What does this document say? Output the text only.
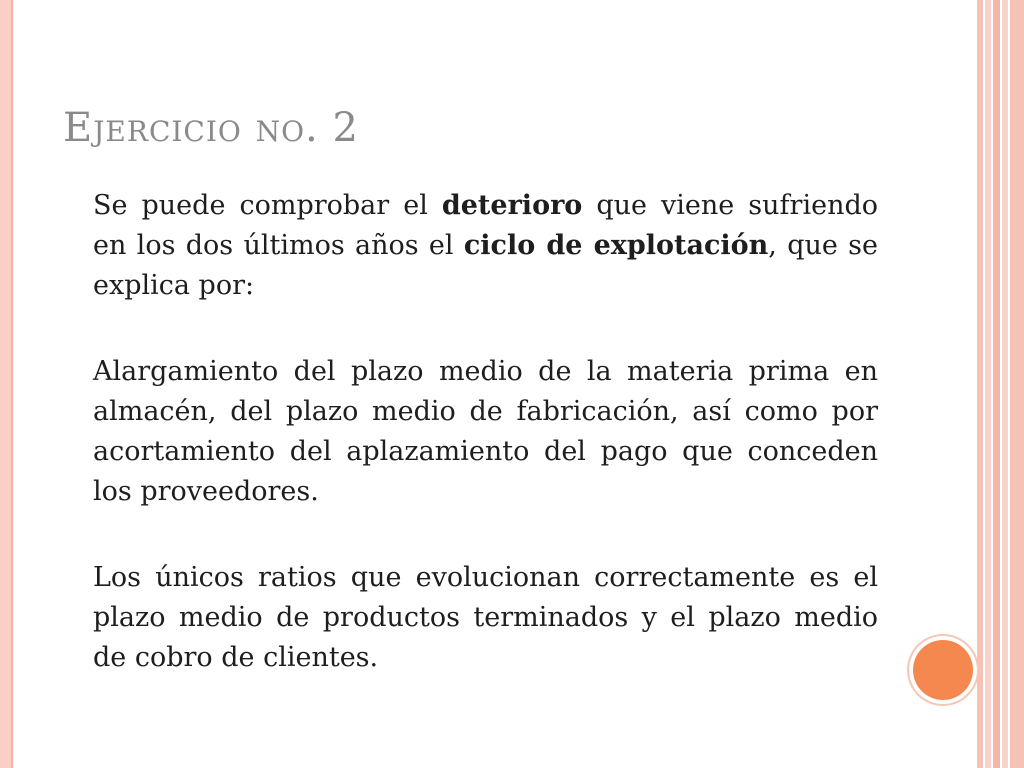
Ejercicio no. 2

Se puede comprobar el deterioro que viene sufriendo en los dos últimos años el ciclo de explotación, que se explica por:

Alargamiento del plazo medio de la materia prima en almacén, del plazo medio de fabricación, así como por acortamiento del aplazamiento del pago que conceden los proveedores.

Los únicos ratios que evolucionan correctamente es el plazo medio de productos terminados y el plazo medio de cobro de clientes.
